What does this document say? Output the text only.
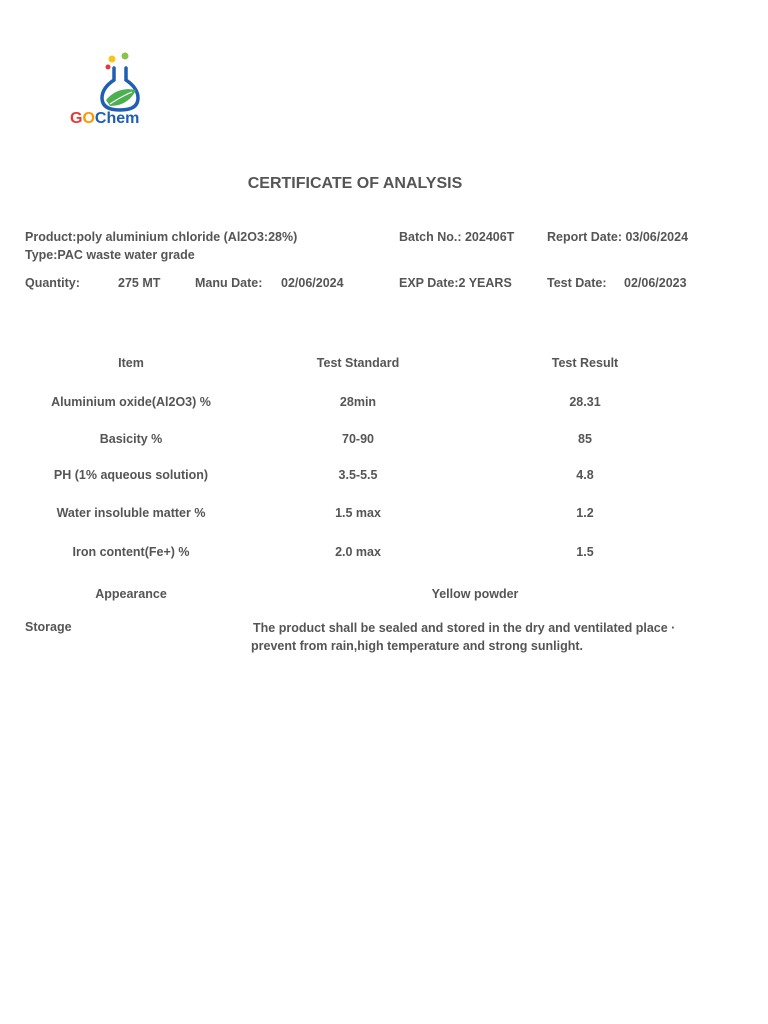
GOChem
CERTIFICATE OF ANALYSIS
Product:poly aluminium chloride (Al2O3:28%)
Type:PAC waste water grade
Batch No.: 202406T	Report Date: 03/06/2024
Quantity:	275 MT	Manu Date: 02/06/2024	EXP Date:2 YEARS	Test Date: 02/06/2023
Item	Test Standard	Test Result
Aluminium oxide(Al2O3) %	28min	28.31
Basicity %	70-90	85
PH (1% aqueous solution)	3.5-5.5	4.8
Water insoluble matter %	1.5 max	1.2
Iron content(Fe+) %	2.0 max	1.5
Appearance	Yellow powder
Storage	The product shall be sealed and stored in the dry and ventilated place ·
prevent from rain,high temperature and strong sunlight.
